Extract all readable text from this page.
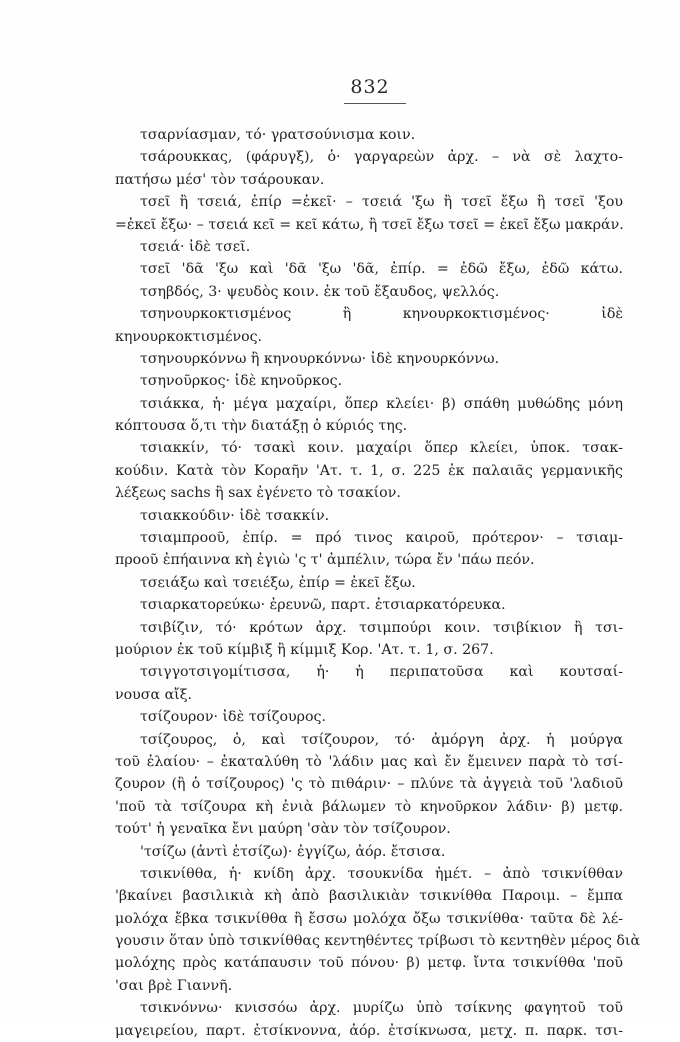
832
τσαρνίασμαν, τό· γρατσούνισμα κοιν.
τσάρουκκας, (φάρυγξ), ὁ· γαργαρεὼν ἀρχ. – νὰ σὲ λαχτο-
πατήσω μέσ' τὸν τσάρουκαν.
τσεῖ ἢ τσειά, ἐπίρ =ἐκεῖ· – τσειά 'ξω ἢ τσεῖ ἔξω ἢ τσεῖ 'ξου
=ἐκεῖ ἔξω· – τσειά κεῖ = κεῖ κάτω, ἢ τσεῖ ἔξω τσεῖ = ἐκεῖ ἔξω μακράν.
τσειά· ἰδὲ τσεῖ.
τσεῖ 'δᾶ 'ξω καὶ 'δᾶ 'ξω 'δᾶ, ἐπίρ. = ἐδῶ ἔξω, ἐδῶ κάτω.
τσηβδός, 3· ψευδὸς κοιν. ἐκ τοῦ ἔξαυδος, ψελλός.
τσηνουρκοκτισμένος ἢ κηνουρκοκτισμένος· ἰδὲ
κηνουρκοκτισμένος.
τσηνουρκόννω ἢ κηνουρκόννω· ἰδὲ κηνουρκόννω.
τσηνοῦρκος· ἰδὲ κηνοῦρκος.
τσιάκκα, ἡ· μέγα μαχαίρι, ὅπερ κλείει· β) σπάθη μυθώδης μόνη
κόπτουσα ὅ,τι τὴν διατάξῃ ὁ κύριός της.
τσιακκίν, τό· τσακὶ κοιν. μαχαίρι ὅπερ κλείει, ὑποκ. τσακ-
κούδιν. Κατὰ τὸν Κοραῆν 'Ατ. τ. 1, σ. 225 ἐκ παλαιᾶς γερμανικῆς
λέξεως sachs ἢ sax ἐγένετο τὸ τσακίον.
τσιακκούδιν· ἰδὲ τσακκίν.
τσιαμπροοῦ, ἐπίρ. = πρό τινος καιροῦ, πρότερον· – τσιαμ-
προοῦ ἐπήαιννα κὴ ἐγιὼ 'ς τ' ἀμπέλιν, τώρα ἔν 'πάω πεόν.
τσειάξω καὶ τσειέξω, ἐπίρ = ἐκεῖ ἔξω.
τσιαρκατορεύκω· ἐρευνῶ, παρτ. ἐτσιαρκατόρευκα.
τσιβίζιν, τό· κρότων ἀρχ. τσιμπούρι κοιν. τσιβίκιον ἢ τσι-
μούριον ἐκ τοῦ κίμβιξ ἢ κίμμιξ Κορ. 'Ατ. τ. 1, σ. 267.
τσιγγοτσιγομίτισσα, ἡ· ἡ περιπατοῦσα καὶ κουτσαί-
νουσα αἴξ.
τσίζουρον· ἰδὲ τσίζουρος.
τσίζουρος, ὁ, καὶ τσίζουρον, τό· ἀμόργη ἀρχ. ἡ μούργα
τοῦ ἐλαίου· – ἐκαταλύθη τὸ 'λάδιν μας καὶ ἔν ἔμεινεν παρὰ τὸ τσί-
ζουρον (ἢ ὁ τσίζουρος) 'ς τὸ πιθάριν· – πλύνε τὰ ἀγγειὰ τοῦ 'λαδιοῦ
'ποῦ τὰ τσίζουρα κὴ ἐνιὰ βάλωμεν τὸ κηνοῦρκον λάδιν· β) μετφ.
τούτ' ἡ γεναῖκα ἔνι μαύρη 'σὰν τὸν τσίζουρον.
'τσίζω (ἀντὶ ἐτσίζω)· ἐγγίζω, ἀόρ. ἔτσισα.
τσικνίθθα, ἡ· κνίδη ἀρχ. τσουκνίδα ἡμέτ. – ἀπὸ τσικνίθθαν
'βκαίνει βασιλικιὰ κὴ ἀπὸ βασιλικιὰν τσικνίθθα Παροιμ. – ἔμπα
μολόχα ἔβκα τσικνίθθα ἢ ἔσσω μολόχα ὄξω τσικνίθθα· ταῦτα δὲ λέ-
γουσιν ὅταν ὑπὸ τσικνίθθας κεντηθέντες τρίβωσι τὸ κεντηθὲν μέρος διὰ
μολόχης πρὸς κατάπαυσιν τοῦ πόνου· β) μετφ. ἴντα τσικνίθθα 'ποῦ
'σαι βρὲ Γιαννῆ.
τσικνόννω· κνισσόω ἀρχ. μυρίζω ὑπὸ τσίκνης φαγητοῦ τοῦ
μαγειρείου, παρτ. ἐτσίκνοννα, ἀόρ. ἐτσίκνωσα, μετχ. π. παρκ. τσι-
